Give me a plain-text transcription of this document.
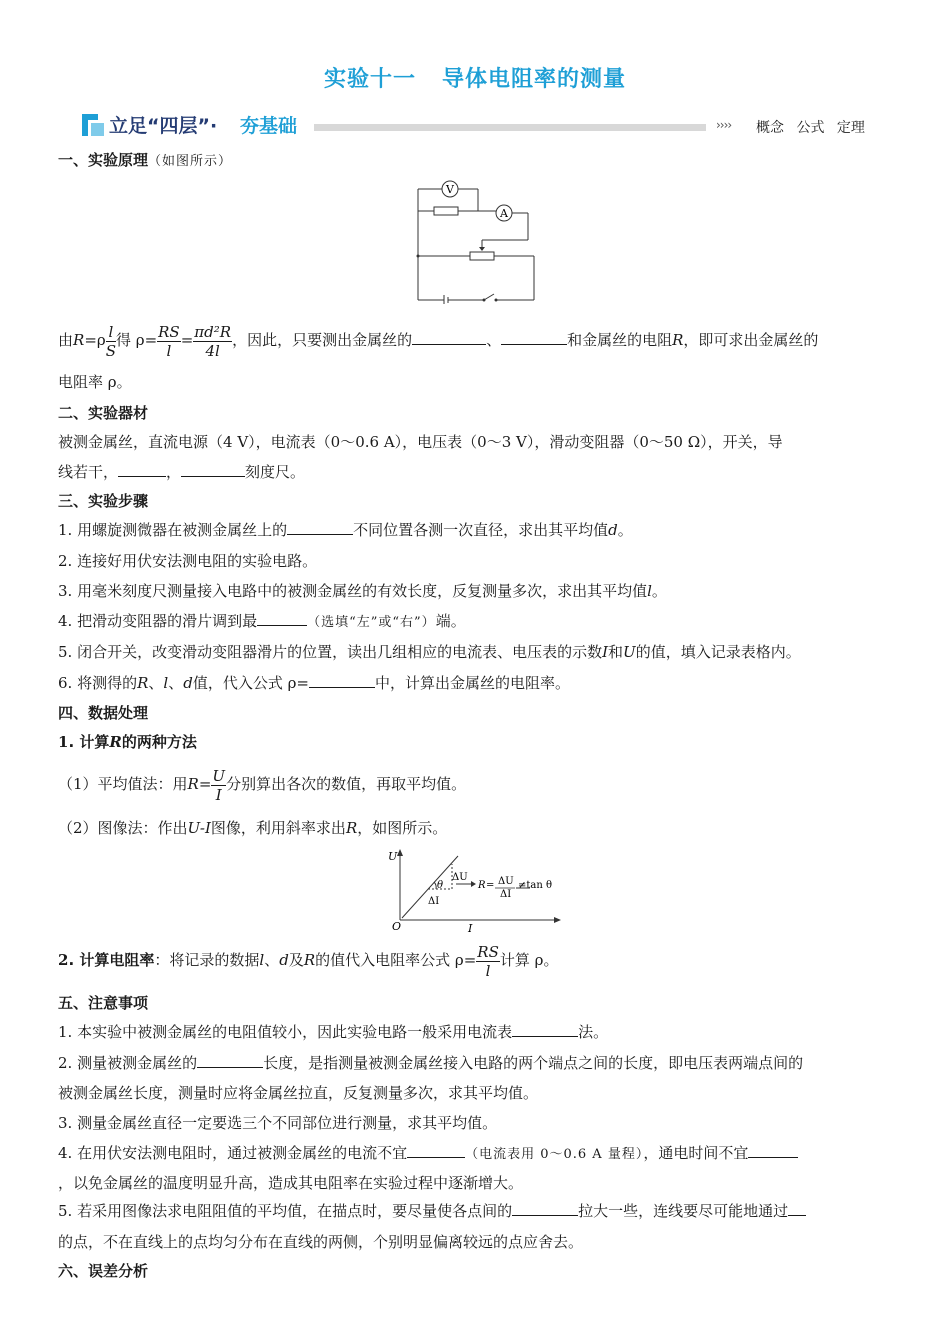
实验十一 导体电阻率的测量
立足“四层”· 夯基础	›››› 概念 公式 定理
一、实验原理（如图所示）
V
A
由$R=\rho \frac{l}{S}$ 得 $\rho= \frac{RS}{l} = \frac{\text{πd²R}}{4l}$ ，因此，只要测出金属丝的	、	和金属丝的电阻R，即可求出金属丝的
电阻率 ρ。
二、实验器材
被测金属丝，直流电源（4 V），电流表（0～0.6 A），电压表（0～3 V），滑动变阻器（0～50 Ω），开关，导
线若干，	，	刻度尺。
三、实验步骤
1. 用螺旋测微器在被测金属丝上的	不同位置各测一次直径，求出其平均值d。
2. 连接好用伏安法测电阻的实验电路。
3. 用毫米刻度尺测量接入电路中的被测金属丝的有效长度，反复测量多次，求出其平均值l。
4. 把滑动变阻器的滑片调到最	（选填“左”或“右”）端。
5. 闭合开关，改变滑动变阻器滑片的位置，读出几组相应的电流表、电压表的示数I和U的值，填入记录表格内。
6. 将测得的R、l、d值，代入公式 ρ=	中，计算出金属丝的电阻率。
四、数据处理
1. 计算R的两种方法
（1）平均值法：用$R= \frac{U}{I}$ 分别算出各次的数值，再取平均值。
（2）图像法：作出U-I图像，利用斜率求出R，如图所示。
U
I
O
θ
ΔU
ΔI
R = ΔU
ΔI
≠tan θ
2. 计算电阻率：将记录的数据l、d及R的值代入电阻率公式 $\rho= \frac{RS}{l}$ 计算 ρ。
五、注意事项
1. 本实验中被测金属丝的电阻值较小，因此实验电路一般采用电流表	法。
2. 测量被测金属丝的	长度，是指测量被测金属丝接入电路的两个端点之间的长度，即电压表两端点间的
被测金属丝长度，测量时应将金属丝拉直，反复测量多次，求其平均值。
3. 测量金属丝直径一定要选三个不同部位进行测量，求其平均值。
4. 在用伏安法测电阻时，通过被测金属丝的电流不宜	（电流表用 0～0.6 A 量程），通电时间不宜
，以免金属丝的温度明显升高，造成其电阻率在实验过程中逐渐增大。
5. 若采用图像法求电阻阻值的平均值，在描点时，要尽量使各点间的	拉大一些，连线要尽可能地通过
的点，不在直线上的点均匀分布在直线的两侧，个别明显偏离较远的点应舍去。
六、误差分析
